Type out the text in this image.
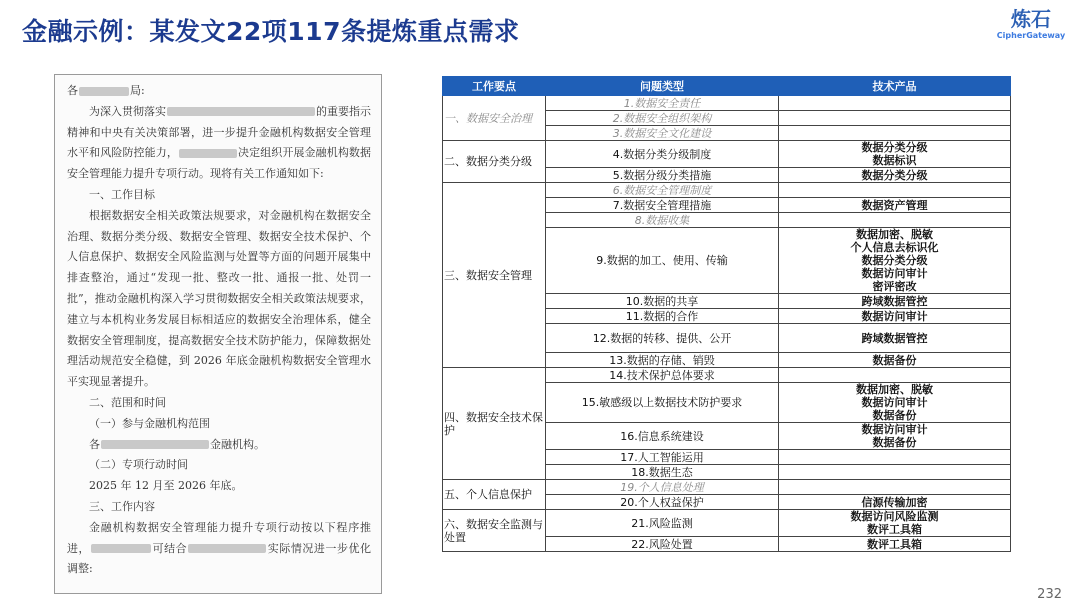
金融示例：某发文22项117条提炼重点需求	炼石
CipherGateway

各	局:

为深入贯彻落实	的重要指示精神和中央有关决策部署，进一步提升金融机构数据安全管理水平和风险防控能力，	决定组织开展金融机构数据安全管理能力提升专项行动。现将有关工作通知如下:

一、工作目标

根据数据安全相关政策法规要求，对金融机构在数据安全治理、数据分类分级、数据安全管理、数据安全技术保护、个人信息保护、数据安全风险监测与处置等方面的问题开展集中排查整治，通过“发现一批、整改一批、通报一批、处罚一批”，推动金融机构深入学习贯彻数据安全相关政策法规要求，建立与本机构业务发展目标相适应的数据安全治理体系，健全数据安全管理制度，提高数据安全技术防护能力，保障数据处理活动规范安全稳健，到 2026 年底金融机构数据安全管理水平实现显著提升。

二、范围和时间

（一）参与金融机构范围

各	金融机构。

（二）专项行动时间

2025 年 12 月至 2026 年底。

三、工作内容

金融机构数据安全管理能力提升专项行动按以下程序推进，	可结合	实际情况进一步优化调整:

工作要点	问题类型	技术产品
一、数据安全治理	1.数据安全责任	
	2.数据安全组织架构	
	3.数据安全文化建设	
二、数据分类分级	4.数据分类分级制度	数据分类分级
数据标识

	5.数据分级分类措施	数据分类分级

三、数据安全管理	6.数据安全管理制度	
	7.数据安全管理措施	数据资产管理

	8.数据收集	
	9.数据的加工、使用、传输	数据加密、脱敏
个人信息去标识化
数据分类分级
数据访问审计
密评密改

	10.数据的共享	跨域数据管控

	11.数据的合作	数据访问审计

	12.数据的转移、提供、公开	跨域数据管控

	13.数据的存储、销毁	数据备份

四、数据安全技术保护	14.技术保护总体要求	
	15.敏感级以上数据技术防护要求	数据加密、脱敏
数据访问审计
数据备份

	16.信息系统建设	数据访问审计
数据备份

	17.人工智能运用	
	18.数据生态	
五、个人信息保护	19.个人信息处理	
	20.个人权益保护	信源传输加密

六、数据安全监测与处置	21.风险监测	数据访问风险监测
数评工具箱

	22.风险处置	数评工具箱
232
